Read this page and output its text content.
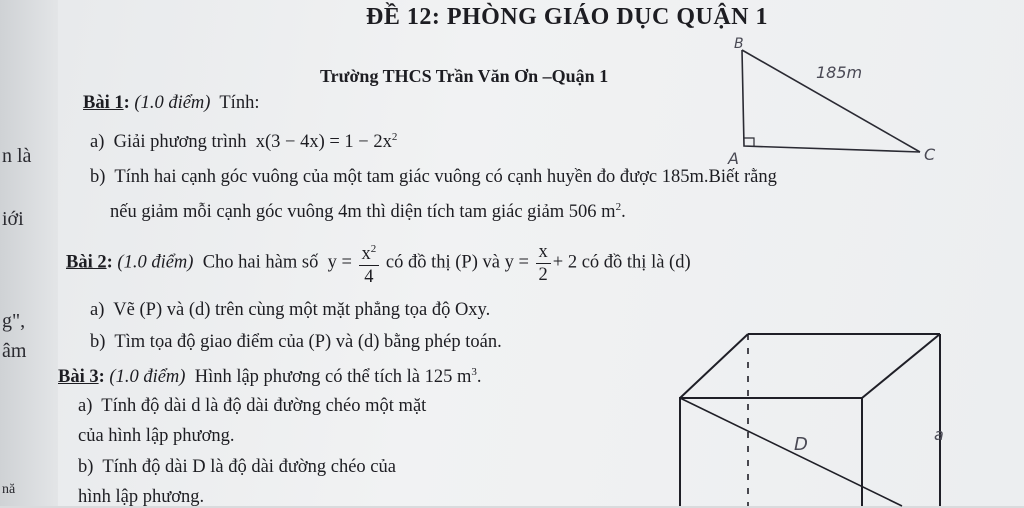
n là
iới
g",
âm
nă
ĐỀ 12: PHÒNG GIÁO DỤC QUẬN 1
Trường THCS Trần Văn Ơn –Quận 1
Bài 1: (1.0 điểm) Tính:
a) Giải phương trình $x(3 - 4x) = 1 - 2x^2$
b) Tính hai cạnh góc vuông của một tam giác vuông có cạnh huyền đo được 185m.Biết rằng
nếu giảm mỗi cạnh góc vuông 4m thì diện tích tam giác giảm 506 $m^2$.
Bài 2: (1.0 điểm) Cho hai hàm số $y = \frac{x^2}{4}$ có đồ thị (P) và $y = \frac{x}{2} + 2$ có đồ thị là (d)
a) Vẽ (P) và (d) trên cùng một mặt phẳng tọa độ Oxy.
b) Tìm tọa độ giao điểm của (P) và (d) bằng phép toán.
Bài 3: (1.0 điểm) Hình lập phương có thể tích là 125 $m^3$.
a) Tính độ dài d là độ dài đường chéo một mặt
của hình lập phương.
b) Tính độ dài D là độ dài đường chéo của
hình lập phương.
B
A	C
185m
D	a
